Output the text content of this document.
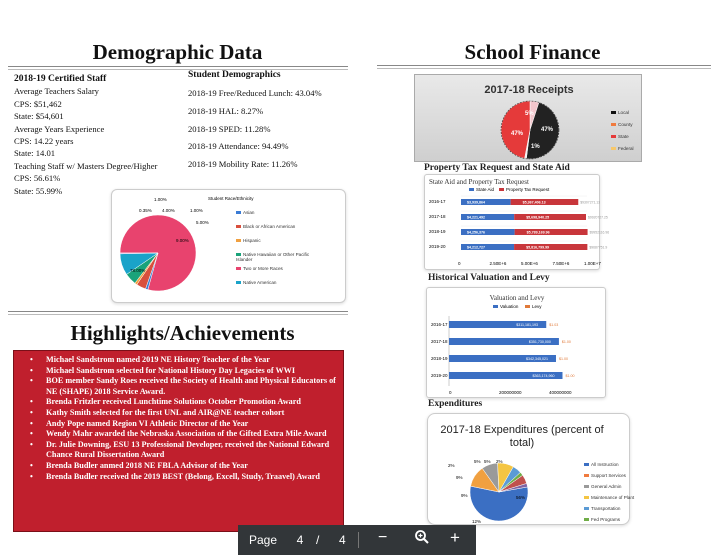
Demographic Data
2018-19 Certified Staff
Average Teachers Salary
CPS: $51,462
State: $54,601
Average Years Experience
CPS: 14.22 years
State: 14.01
Teaching Staff w/ Masters Degree/Higher
CPS: 56.61%
State: 55.99%
Student Demographics
2018-19 Free/Reduced Lunch: 43.04%
2018-19 HAL: 8.27%
2018-19 SPED: 11.28%
2018-19 Attendance: 94.49%
2018-19 Mobility Rate: 11.26%
Student Race/Ethnicity
1.00%
0.35% 4.00%	1.00%
5.00%
9.00%
78.00%
Asian
Black or African American
Hispanic
Native Hawaiian or Other Pacific Islander
Two or More Races
Native American
Highlights/Achievements
• Michael Sandstrom named 2019 NE History Teacher of the Year
• Michael Sandstrom selected for National History Day Legacies of WWI
• BOE member Sandy Roes received the Society of Health and Physical Educators of NE (SHAPE) 2018 Service Award.
• Brenda Fritzler received Lunchtime Solutions October Promotion Award
• Kathy Smith selected for the first UNL and AIR@NE teacher cohort
• Andy Pope named Region VI Athletic Director of the Year
• Wendy Mahr awarded the Nebraska Association of the Gifted Extra Mile Award
• Dr. Julie Downing, ESU 13 Professional Developer, received the National Edward Chance Rural Dissertation Award
• Brenda Budler anmed 2018 NE FBLA Advisor of the Year
• Brenda Budler received the 2019 BEST (Belong, Excell, Study, Traavel) Award
School Finance
2017-18 Receipts
5%
47%
47%
1%
Local
County
State
Federal
Property Tax Request and State Aid
State Aid and Property Tax Request
State Aid	Property Tax Request
2016-17	$3,939,864	$5,367,406.13	$9307271.13
2017-18	$4,221,492	$5,698,940.25	$9920727.25
2018-19	$4,256,376	$5,789,169.96	$9952116.96
2019-20	$4,212,727	$5,816,799.99	$9687751.9
0	2.50E+6	5.00E+6	7.50E+6	1.00E+7
Historical Valuation and Levy
Valuation and Levy
Valuation	Levy
2016-17	$311,181,193	$1.03
2017-18	$351,730,000	$1.00
2018-19	$342,345,021	$1.00
2019-20	$363,174,960	$1.00
0	200000000	400000000
Expenditures
2017-18 Expenditures (percent of total)
5%
2%
5% 2%
9%
9%	56%
12%
All Instruction
Support Services
General Admin
Maintenance of Plant
Transportation
Fed Programs
Page	4	/ 4 −	+
